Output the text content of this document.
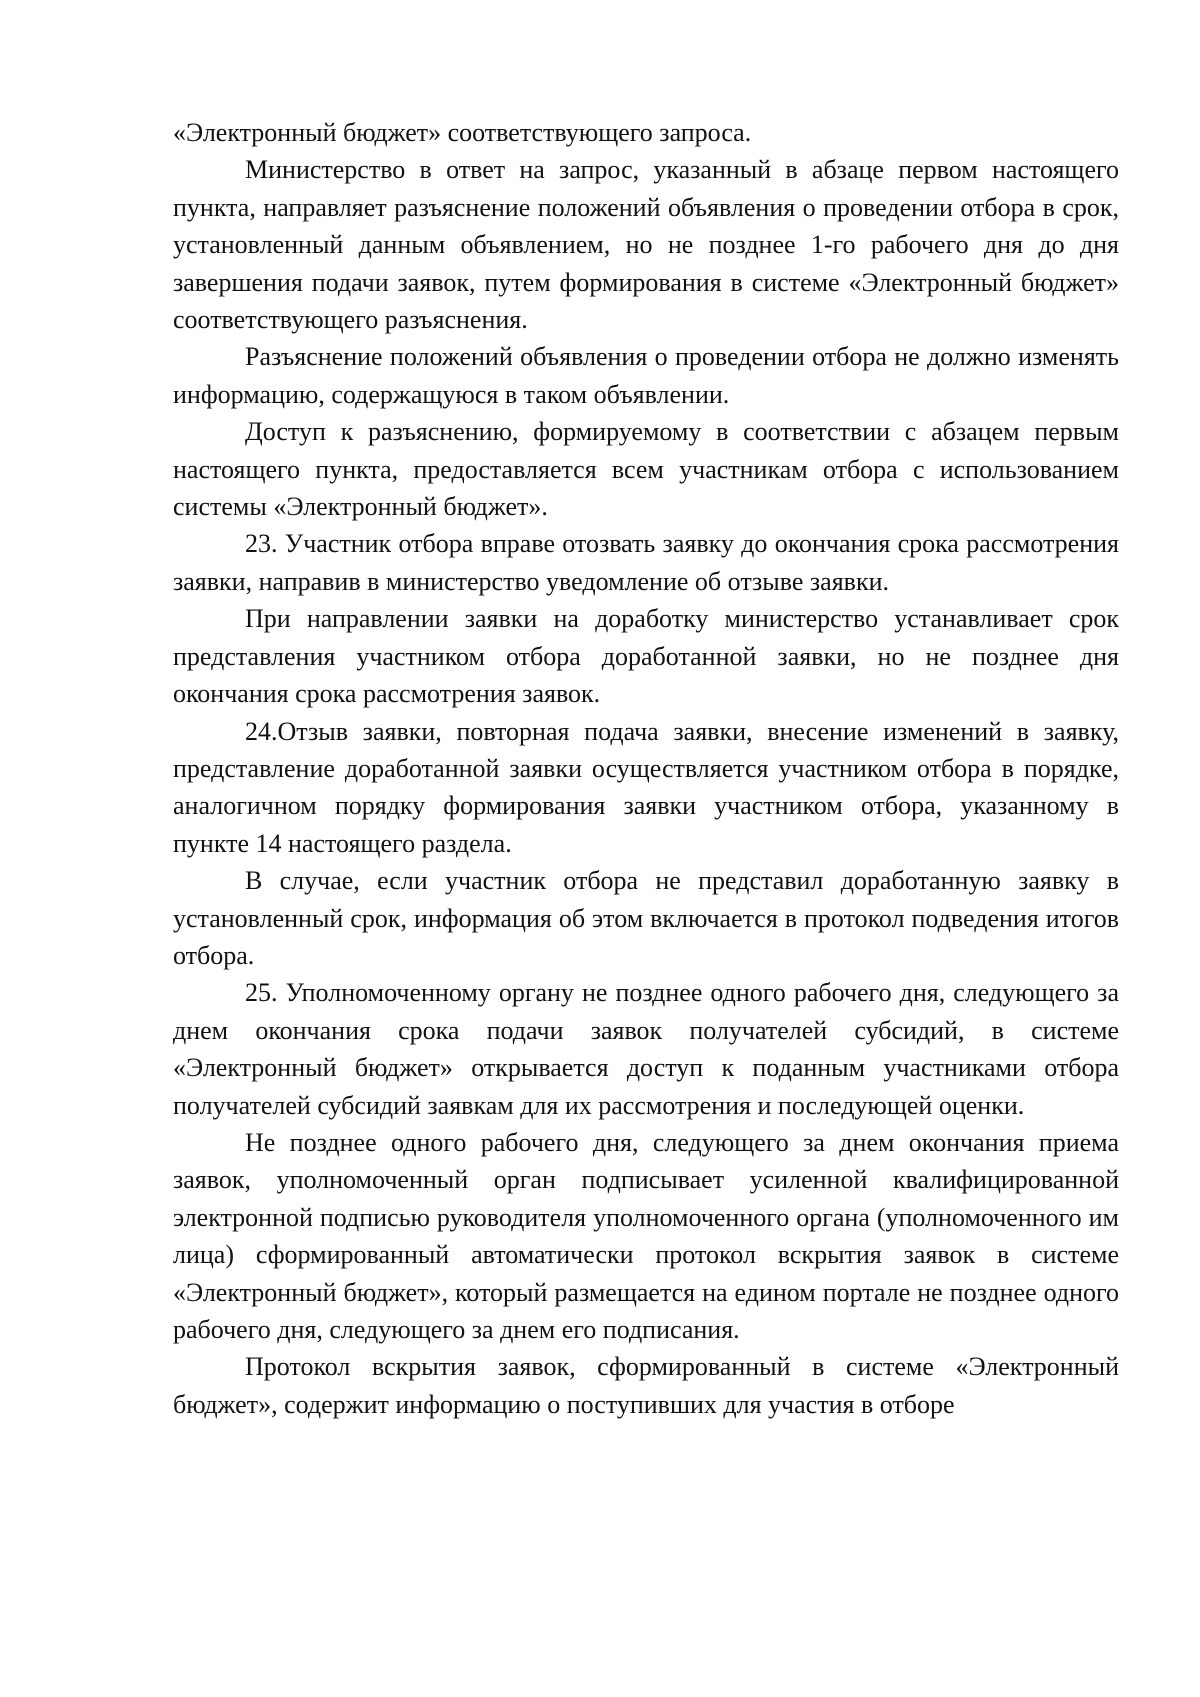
«Электронный бюджет» соответствующего запроса.

Министерство в ответ на запрос, указанный в абзаце первом настоящего пункта, направляет разъяснение положений объявления о проведении отбора в срок, установленный данным объявлением, но не позднее 1-го рабочего дня до дня завершения подачи заявок, путем формирования в системе «Электронный бюджет» соответствующего разъяснения.

Разъяснение положений объявления о проведении отбора не должно изменять информацию, содержащуюся в таком объявлении.

Доступ к разъяснению, формируемому в соответствии с абзацем первым настоящего пункта, предоставляется всем участникам отбора с использованием системы «Электронный бюджет».

23. Участник отбора вправе отозвать заявку до окончания срока рассмотрения заявки, направив в министерство уведомление об отзыве заявки.

При направлении заявки на доработку министерство устанавливает срок представления участником отбора доработанной заявки, но не позднее дня окончания срока рассмотрения заявок.

24.Отзыв заявки, повторная подача заявки, внесение изменений в заявку, представление доработанной заявки осуществляется участником отбора в порядке, аналогичном порядку формирования заявки участником отбора, указанному в пункте 14 настоящего раздела.

В случае, если участник отбора не представил доработанную заявку в установленный срок, информация об этом включается в протокол подведения итогов отбора.

25. Уполномоченному органу не позднее одного рабочего дня, следующего за днем окончания срока подачи заявок получателей субсидий, в системе «Электронный бюджет» открывается доступ к поданным участниками отбора получателей субсидий заявкам для их рассмотрения и последующей оценки.

Не позднее одного рабочего дня, следующего за днем окончания приема заявок, уполномоченный орган подписывает усиленной квалифицированной электронной подписью руководителя уполномоченного органа (уполномоченного им лица) сформированный автоматически протокол вскрытия заявок в системе «Электронный бюджет», который размещается на едином портале не позднее одного рабочего дня, следующего за днем его подписания.

Протокол вскрытия заявок, сформированный в системе «Электронный бюджет», содержит информацию о поступивших для участия в отборе
